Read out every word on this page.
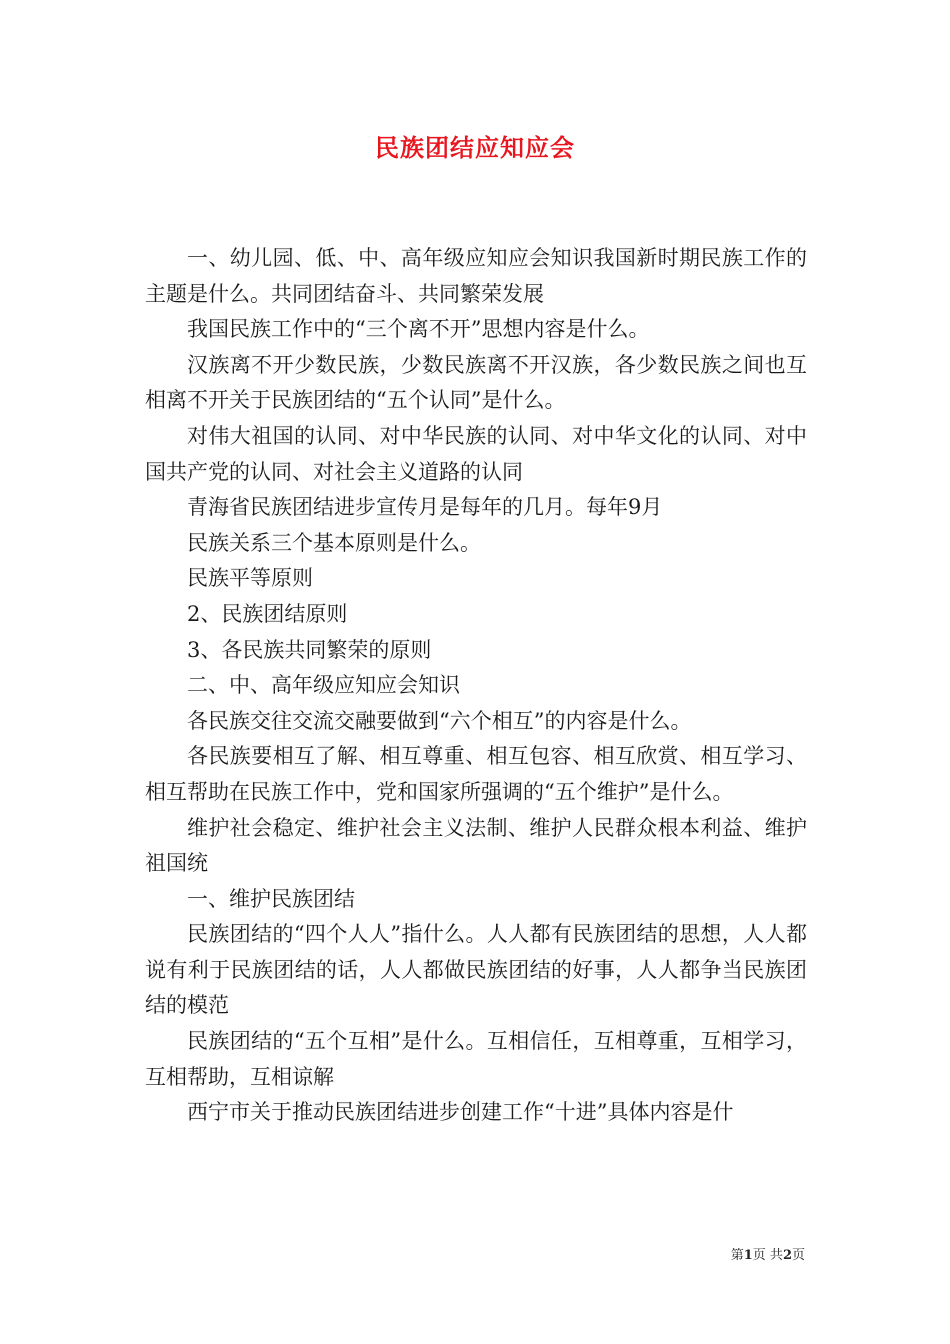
民族团结应知应会

一、幼儿园、低、中、高年级应知应会知识我国新时期民族工作的主题是什么。共同团结奋斗、共同繁荣发展

我国民族工作中的“三个离不开”思想内容是什么。

汉族离不开少数民族，少数民族离不开汉族，各少数民族之间也互相离不开关于民族团结的“五个认同”是什么。

对伟大祖国的认同、对中华民族的认同、对中华文化的认同、对中国共产党的认同、对社会主义道路的认同

青海省民族团结进步宣传月是每年的几月。每年9月

民族关系三个基本原则是什么。

民族平等原则

2、民族团结原则

3、各民族共同繁荣的原则

二、中、高年级应知应会知识

各民族交往交流交融要做到“六个相互”的内容是什么。

各民族要相互了解、相互尊重、相互包容、相互欣赏、相互学习、相互帮助在民族工作中，党和国家所强调的“五个维护”是什么。

维护社会稳定、维护社会主义法制、维护人民群众根本利益、维护祖国统

一、维护民族团结

民族团结的“四个人人”指什么。人人都有民族团结的思想，人人都说有利于民族团结的话，人人都做民族团结的好事，人人都争当民族团结的模范

民族团结的“五个互相”是什么。互相信任，互相尊重，互相学习，互相帮助，互相谅解

西宁市关于推动民族团结进步创建工作“十进”具体内容是什

第1页 共2页
